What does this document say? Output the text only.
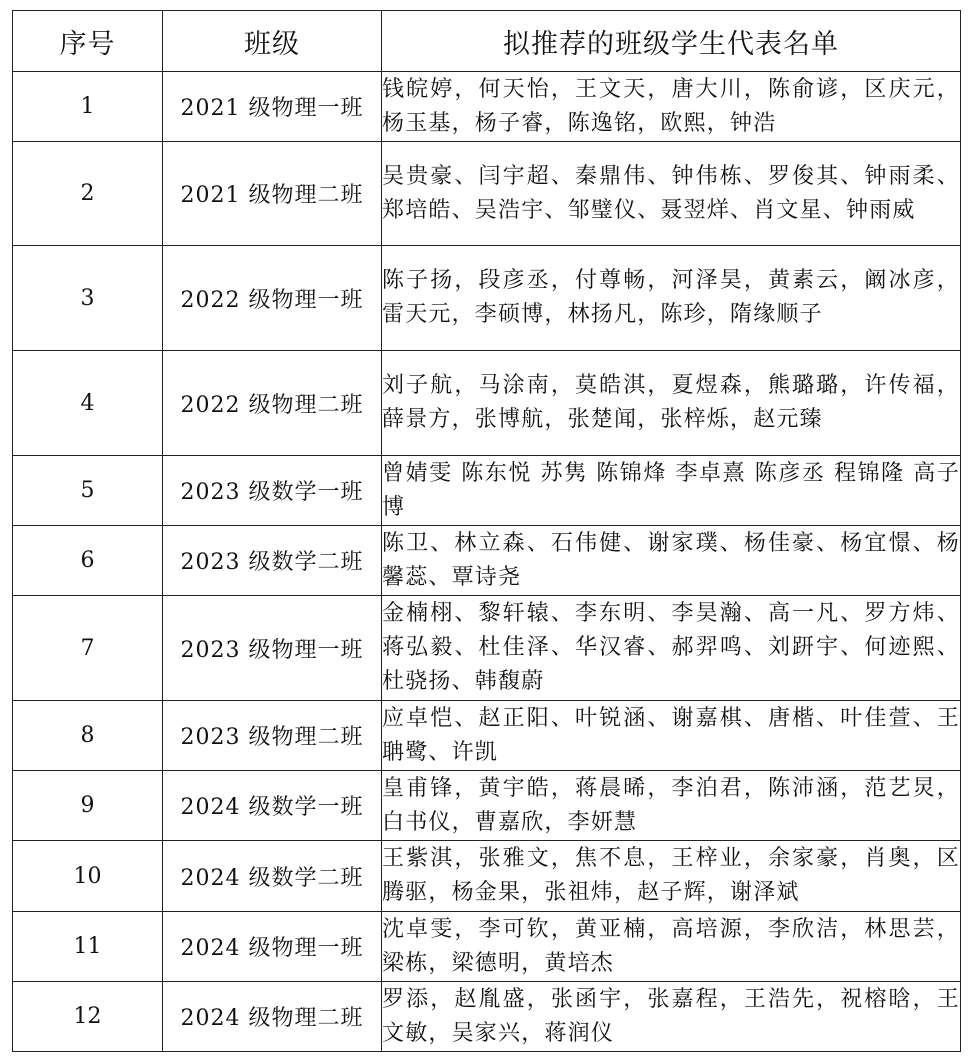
序号	班级	拟推荐的班级学生代表名单
1	2021 级物理一班	钱皖婷，何天怡，王文天，唐大川，陈俞谚，区庆元，杨玉基，杨子睿，陈逸铭，欧熙，钟浩
2	2021 级物理二班	吴贵豪、闫宇超、秦鼎伟、钟伟栋、罗俊其、钟雨柔、郑培皓、吴浩宇、邹璧仪、聂翌烊、肖文星、钟雨威
3	2022 级物理一班	陈子扬，段彦丞，付尊畅，河泽昊，黄素云，阚冰彦，雷天元，李硕博，林扬凡，陈珍，隋缘顺子
4	2022 级物理二班	刘子航，马涂南，莫皓淇，夏煜森，熊璐璐，许传福，薛景方，张博航，张楚闻，张梓烁，赵元臻
5	2023 级数学一班	曾婧雯 陈东悦 苏隽 陈锦烽 李卓熹 陈彦丞 程锦隆 高子博
6	2023 级数学二班	陈卫、林立森、石伟健、谢家璞、杨佳豪、杨宜憬、杨馨蕊、覃诗尧
7	2023 级物理一班	金楠栩、黎轩辕、李东明、李昊瀚、高一凡、罗方炜、蒋弘毅、杜佳泽、华汉睿、郝羿鸣、刘趼宇、何迹熙、杜骁扬、韩馥蔚
8	2023 级物理二班	应卓恺、赵正阳、叶锐涵、谢嘉棋、唐楷、叶佳萱、王聃鹭、许凯
9	2024 级数学一班	皇甫锋，黄宇皓，蒋晨晞，李泊君，陈沛涵，范艺炅，白书仪，曹嘉欣，李妍慧
10	2024 级数学二班	王紫淇，张雅文，焦不息，王梓业，余家豪，肖奥，区腾驱，杨金果，张祖炜，赵子辉，谢泽斌
11	2024 级物理一班	沈卓雯，李可钦，黄亚楠，高培源，李欣洁，林思芸，梁栋，梁德明，黄培杰
12	2024 级物理二班	罗添，赵胤盛，张函宇，张嘉程，王浩先，祝榕晗，王文敏，吴家兴，蒋润仪
